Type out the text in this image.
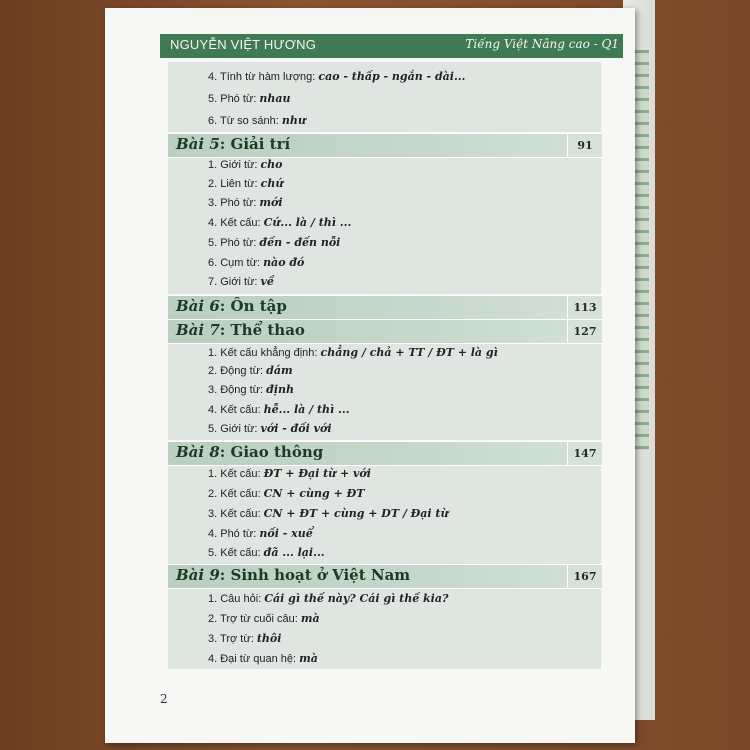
NGUYỄN VIỆT HƯƠNG	Tiếng Việt Nâng cao - Q1
4. Tính từ hàm lượng: cao - thấp - ngắn - dài...
5. Phó từ: nhau
6. Từ so sánh: như
Bài 5: Giải trí	91
1. Giới từ: cho
2. Liên từ: chứ
3. Phó từ: mới
4. Kết cấu: Cứ... là / thì ...
5. Phó từ: đến - đến nỗi
6. Cụm từ: nào đó
7. Giới từ: về
Bài 6: Ôn tập	113
Bài 7: Thể thao	127
1. Kết cấu khẳng định: chẳng / chả + TT / ĐT + là gì
2. Động từ: dám
3. Động từ: định
4. Kết cấu: hễ... là / thì ...
5. Giới từ: với - đối với
Bài 8: Giao thông	147
1. Kết cấu: ĐT + Đại từ + với
2. Kết cấu: CN + cùng + ĐT
3. Kết cấu: CN + ĐT + cùng + DT / Đại từ
4. Phó từ: nối - xuể
5. Kết cấu: đã ... lại...
Bài 9: Sinh hoạt ở Việt Nam	167
1. Câu hỏi: Cái gì thế này? Cái gì thế kia?
2. Trợ từ cuối câu: mà
3. Trợ từ: thôi
4. Đại từ quan hệ: mà
2
